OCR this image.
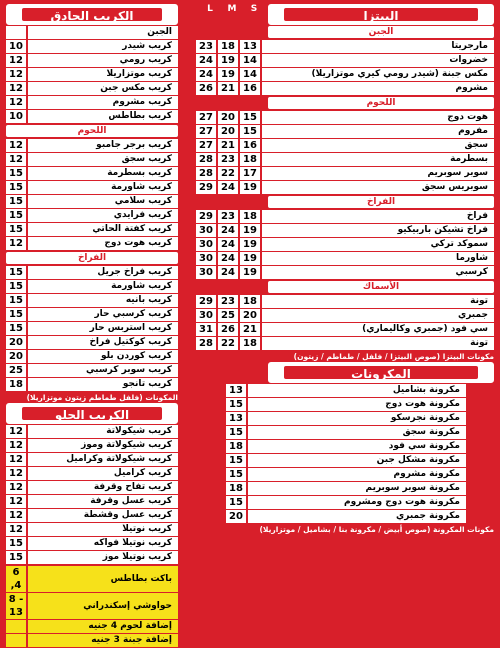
الكريب الحادق
	الجبن
10	كريب شيدر
12	كريب رومي
12	كريب موتزاريلا
12	كريب مكس جبن
12	كريب مشروم
10	كريب بطاطس
اللحوم
12	كريب برجر جامبو
12	كريب سجق
15	كريب بسطرمة
15	كريب شاورمة
15	كريب سلامي
15	كريب فرايدي
15	كريب كفتة الحاتي
12	كريب هوت دوج
الفراخ
15	كريب فراخ جريل
15	كريب شاورمة
15	كريب بانيه
15	كريب كرسبي حار
15	كريب استربس حار
20	كريب كوكتيل فراخ
20	كريب كوردن بلو
25	كريب سوبر كرسبي
18	كريب تانجو
المكونات (فلفل طماطم زيتون موتزاريلا)
الكريب الحلو
12	كريب شيكولاتة
12	كريب شيكولاتة وموز
12	كريب شيكولاتة وكراميل
12	كريب كراميل
12	كريب تفاح وقرفة
12	كريب عسل وقرفة
12	كريب عسل وقشطة
12	كريب نوتيلا
15	كريب نوتيلا فواكه
15	كريب نوتيلا موز
6 ,4	باكت بطاطس
8 - 13	حواوشي إسكندراني
	إضافة لحوم 4 جنيه
	إضافة جبنة 3 جنيه
L	M	S	البيتزا
الجبن
23	18	13	مارجريتا
24	19	14	خضروات
24	19	14	مكس جبنة (شيدر رومي كيري موتزاريلا)
26	21	16	مشروم
اللحوم
27	20	15	هوت دوج
27	20	15	مفروم
27	21	16	سجق
28	23	18	بسطرمة
28	22	17	سوبر سوبريم
29	24	19	سوبريس سجق
الفراخ
29	23	18	فراخ
30	24	19	فراخ تشيكن باربيكيو
30	24	19	سموكد تركي
30	24	19	شاورما
30	24	19	كرسبي
الأسماك
29	23	18	تونة
30	25	20	جمبري
31	26	21	سي فود (جمبري وكاليماري)
28	22	18	تونة
مكونات البيتزا (صوص البيتزا / فلفل / طماطم / زيتون)
المكرونات
13	مكرونة بشاميل
15	مكرونة هوت دوج
13	مكرونة نجرسكو
15	مكرونة سجق
18	مكرونة سي فود
15	مكرونة مشكل جبن
15	مكرونة مشروم
18	مكرونة سوبر سوبريم
15	مكرونة هوت دوج ومشروم
20	مكرونة جمبري
مكونات المكرونة (صوص أبيض / مكرونة بنا / بشاميل / موتزاريلا)
